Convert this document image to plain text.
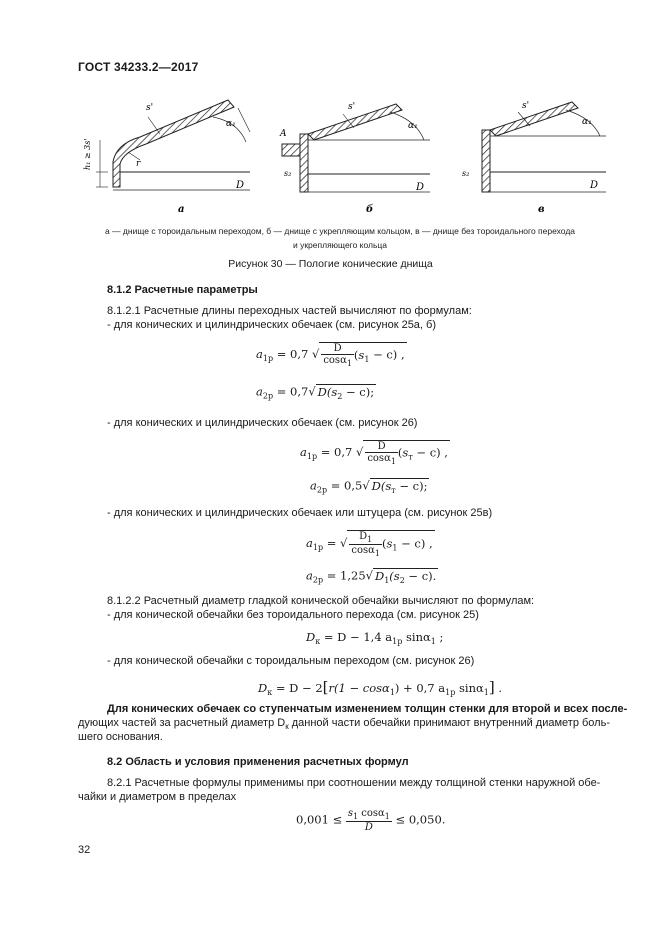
ГОСТ 34233.2—2017
s'
α₁
h₁ ≥ 3s'	r
D
а
s'
α₁
A
s₂
D
б
s'
α₁
s₂
D
в
а — днище с тороидальным переходом, б — днище с укрепляющим кольцом, в — днище без тороидального перехода
и укрепляющего кольца
Рисунок 30 — Пологие конические днища
8.1.2 Расчетные параметры
8.1.2.1 Расчетные длины переходных частей вычисляют по формулам:
- для конических и цилиндрических обечаек (см. рисунок 25а, б)
$a_{1р} = 0,7$ √ $\frac{D}{\cos\alpha_1} (s_1 - c)$ ,
$a_{2р} = 0,7√$ $D(s_2 - c)$;
- для конических и цилиндрических обечаек (см. рисунок 26)
$a_{1р} = 0,7$ √ $\frac{D}{\cos\alpha_1} (s_т - c)$ ,
$a_{2р} = 0,5√$ $D(s_т - c)$;
- для конических и цилиндрических обечаек или штуцера (см. рисунок 25в)
$a_{1р}$ = √ $\frac{D_1}{\cos\alpha_1} (s_1 - c)$ ,
$a_{2р} = 1,25√$ $D_1(s_2 - c)$.
8.1.2.2 Расчетный диаметр гладкой конической обечайки вычисляют по формулам:
- для конической обечайки без тороидального перехода (см. рисунок 25)
$D_к = D - 1,4$ $a_{1р}$ sinα$_1$ ;
- для конической обечайки с тороидальным переходом (см. рисунок 26)
$D_к = D - 2[r(1 - \cos\alpha_1) + 0,7$ $a_{1р}$ sinα$_1$] .
Для конических обечаек со ступенчатым изменением толщин стенки для второй и всех после-
дующих частей за расчетный диаметр $D_к$ данной части обечайки принимают внутренний диаметр боль-
шего основания.
8.2 Область и условия применения расчетных формул
8.2.1 Расчетные формулы применимы при соотношении между толщиной стенки наружной обе-
чайки и диаметром в пределах
$0,001 \le \frac{s_1 \cos\alpha_1}{D} \le 0,050$.
32
